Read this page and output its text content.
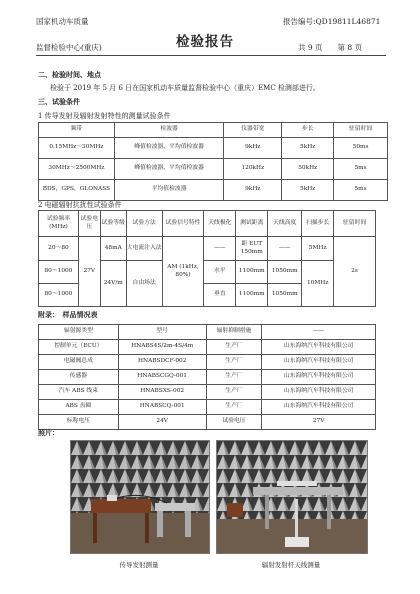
国家机动车质量	报告编号:QD19811L46871
监督检验中心(重庆)	检验报告	共 9 页　　第 8 页
二、检验时间、地点
检验于 2019 年 5 月 6 日在国家机动车质量监督检验中心（重庆）EMC 检测部进行。
三、试验条件
1 传导发射及辐射发射特性的测量试验条件
频带	检波器	仪器带宽	步长	驻留时间
0.15MHz～30MHz	峰值检波器、平均值检波器	9kHz	5kHz	50ms
30MHz～2500MHz	峰值检波器、平均值检波器	120kHz	50kHz	5ms
BDS，GPS，GLONASS	平均值检波器	9kHz	5kHz	5ms
2 电磁辐射抗扰性试验条件
试验频率(MHz)	试验电压	试验等级	试验方法	试验信号特性	天线极化	测试距离	天线高度	扫描步长	驻留时间
20～80	27V	48mA	大电流注入法	AM (1kHz, 80%)	——	距 EUT 150mm	——	5MHz	2s
80～1000		24V/m	自由场法		水平	1100mm	1050mm	10MHz	
80～1000					垂直	1100mm	1050mm		
附录：　样品情况表
辐射源类型	型号	辐射抑制措施	——
控制单元（ECU）	HNABS4S/2m-4S/4m	生产厂	山东海纳汽车科技有限公司
电磁阀总成	HNABSDCF-002	生产厂	山东海纳汽车科技有限公司
传感器	HNABSCGQ-001	生产厂	山东海纳汽车科技有限公司
汽车 ABS 线束	HNABSXS-002	生产厂	山东海纳汽车科技有限公司
ABS 齿圈	HNABSCQ-001	生产厂	山东海纳汽车科技有限公司
标称电压	24V	试验电压	27V
照片：
传导发射测量	辐射发射杆天线测量
